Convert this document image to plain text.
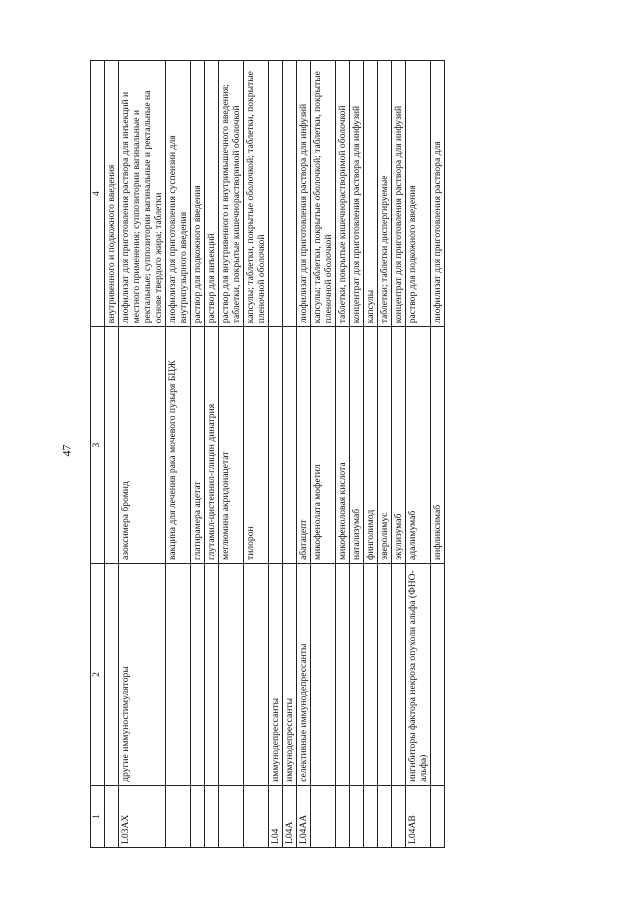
47
1	2	3	4
			внутривенного и подкожного введения
L03AX	другие иммуностимуляторы	азоксимера бромид	лиофилизат для приготовления раствора для инъекций и местного применения; суппозитории вагинальные и ректальные; суппозитории вагинальные и ректальные на основе твердого жира; таблетки
		вакцина для лечения рака мочевого пузыря БЦЖ	лиофилизат для приготовления суспензии для внутрипузырного введения
		глатирамера ацетат	раствор для подкожного введения
		глутамил-цистеинил-глицин динатрия	раствор для инъекций
		меглюмина акридонацетат	раствор для внутривенного и внутримышечного введения; таблетки, покрытые кишечнорастворимой оболочкой
		тилорон	капсулы; таблетки, покрытые оболочкой; таблетки, покрытые пленочной оболочкой
L04	иммунодепрессанты		
L04A	иммунодепрессанты		
L04AA	селективные иммунодепрессанты	абатацепт	лиофилизат для приготовления раствора для инфузий
		микофенолата мофетил	капсулы; таблетки, покрытые оболочкой; таблетки, покрытые пленочной оболочкой
		микофеноловая кислота	таблетки, покрытые кишечнорастворимой оболочкой
		натализумаб	концентрат для приготовления раствора для инфузий
		финголимод	капсулы
		эверолимус	таблетки; таблетки диспергируемые
		экулизумаб	концентрат для приготовления раствора для инфузий
L04AB	ингибиторы фактора некроза опухоли альфа (ФНО-альфа)	адалимумаб	раствор для подкожного введения
		инфликсимаб	лиофилизат для приготовления раствора для
